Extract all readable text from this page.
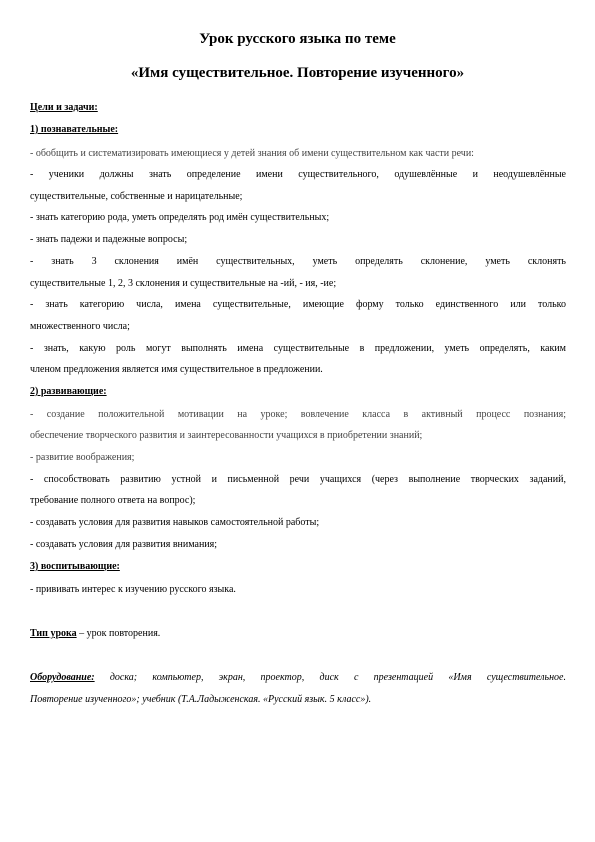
Урок русского языка по теме
«Имя существительное. Повторение изученного»
Цели и задачи:
1) познавательные:
- обобщить и систематизировать имеющиеся у детей знания об имени существительном как части речи:
- ученики должны знать определение имени существительного, одушевлённые и неодушевлённые
существительные, собственные и нарицательные;
- знать категорию рода, уметь определять род имён существительных;
- знать падежи и падежные вопросы;
- знать 3 склонения имён существительных, уметь определять склонение, уметь склонять
существительные 1, 2, 3 склонения и существительные на -ий, - ия, -ие;
- знать категорию числа, имена существительные, имеющие форму только единственного или только
множественного числа;
- знать, какую роль могут выполнять имена существительные в предложении, уметь определять, каким
членом предложения является имя существительное в предложении.
2) развивающие:
- создание положительной мотивации на уроке; вовлечение класса в активный процесс познания;
обеспечение творческого развития и заинтересованности учащихся в приобретении знаний;
- развитие воображения;
- способствовать развитию устной и письменной речи учащихся (через выполнение творческих заданий,
требование полного ответа на вопрос);
- создавать условия для развития навыков самостоятельной работы;
- создавать условия для развития внимания;
3) воспитывающие:
- прививать интерес к изучению русского языка.
Тип урока – урок повторения.
Оборудование: доска; компьютер, экран, проектор, диск с презентацией «Имя существительное.
Повторение изученного»; учебник (Т.А.Ладыженская. «Русский язык. 5 класс»).
